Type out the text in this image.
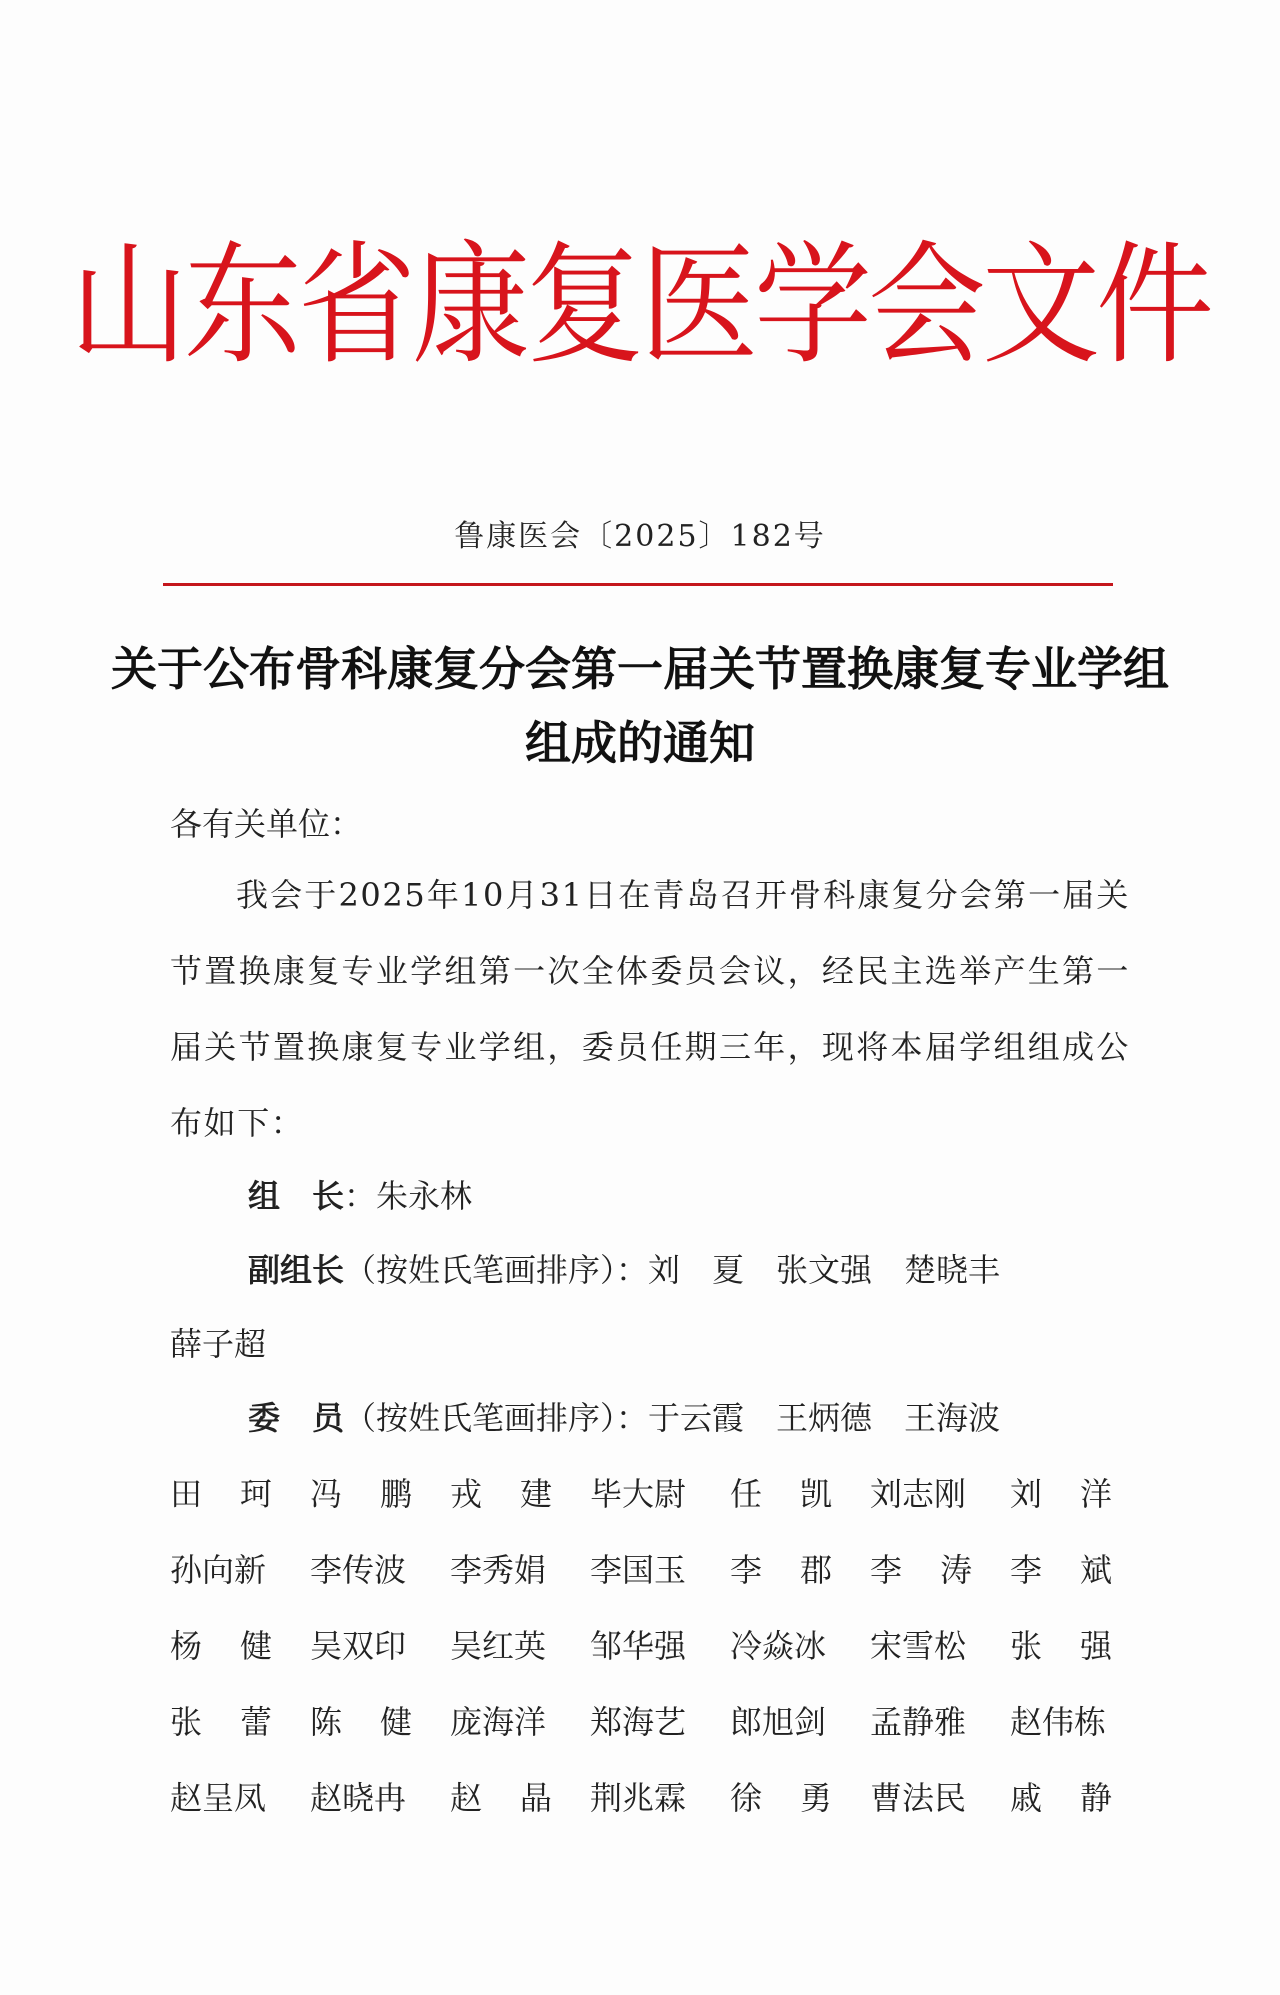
山东省康复医学会文件
鲁康医会〔2025〕182号
关于公布骨科康复分会第一届关节置换康复专业学组
组成的通知
各有关单位：
我会于2025年10月31日在青岛召开骨科康复分会第一届关节置换康复专业学组第一次全体委员会议，经民主选举产生第一届关节置换康复专业学组，委员任期三年，现将本届学组组成公布如下：
组　长：朱永林
副组长（按姓氏笔画排序）：刘　夏　张文强　楚晓丰
薛子超
委　员（按姓氏笔画排序）：于云霞　王炳德　王海波
田珂 冯鹏 戎建 毕大尉 任凯 刘志刚 刘洋
孙向新 李传波 李秀娟 李国玉 李郡 李涛 李斌
杨健 吴双印 吴红英 邹华强 冷焱冰 宋雪松 张强
张蕾 陈健 庞海洋 郑海艺 郎旭剑 孟静雅 赵伟栋
赵呈凤 赵晓冉 赵晶 荆兆霖 徐勇 曹法民 戚静
